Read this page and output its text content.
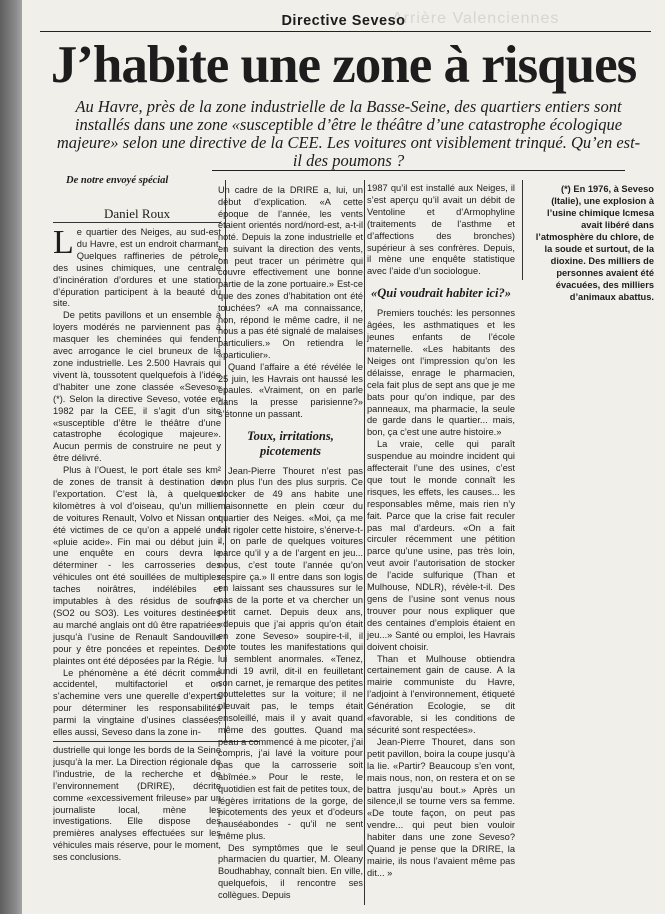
Arrière Valenciennes
Directive Seveso
J’habite une zone à risques
Au Havre, près de la zone industrielle de la Basse-Seine, des quartiers entiers sont installés dans une zone «susceptible d’être le théâtre d’une catastrophe écologique majeure» selon une directive de la CEE. Les voitures ont visiblement trinqué. Qu’en est-il des poumons ?
De notre envoyé spécial
Daniel Roux

Le quartier des Neiges, au sud-est du Havre, est un endroit charmant. Quelques raffineries de pétrole, des usines chimiques, une centrale d’incinération d’ordures et une station d’épuration participent à la beauté du site.

De petits pavillons et un ensemble à loyers modérés ne parviennent pas à masquer les cheminées qui fendent avec arrogance le ciel bruneux de la zone industrielle. Les 2.500 Havrais qui vivent là, toussotent quelquefois à l’idée d’habiter une zone classée «Seveso» (*). Selon la directive Seveso, votée en 1982 par la CEE, il s’agit d’un site «susceptible d’être le théâtre d’une catastrophe écologique majeure». Aucun permis de construire ne peut y être délivré.

Plus à l’Ouest, le port étale ses km² de zones de transit à destination de l’exportation. C’est là, à quelques kilomètres à vol d’oiseau, qu’un millier de voitures Renault, Volvo et Nissan ont été victimes de ce qu’on a appelé une «pluie acide». Fin mai ou début juin - une enquête en cours devra le déterminer - les carrosseries des véhicules ont été souillées de multiples taches noirâtres, indélébiles et imputables à des résidus de soufre (SO2 ou SO3). Les voitures destinées au marché anglais ont dû être rapatriées jusqu’à l’usine de Renault Sandouville pour y être poncées et repeintes. Des plaintes ont été déposées par la Régie.

Le phénomène a été décrit comme accidentel, multifactoriel et on s’achemine vers une querelle d’experts pour déterminer les responsabilités parmi la vingtaine d’usines classées, elles aussi, Seveso dans la zone in-

dustrielle qui longe les bords de la Seine jusqu’à la mer. La Direction régionale de l’industrie, de la recherche et de l’environnement (DRIRE), décrite comme «excessivement frileuse» par un journaliste local, mène les investigations. Elle dispose des premières analyses effectuées sur les véhicules mais réserve, pour le moment, ses conclusions.

Un cadre de la DRIRE a, lui, un début d’explication. «A cette époque de l’année, les vents étaient orientés nord/nord-est, a-t-il noté. Depuis la zone industrielle et en suivant la direction des vents, on peut tracer un périmètre qui couvre effectivement une bonne partie de la zone portuaire.» Est-ce que des zones d’habitation ont été touchées? «A ma connaissance, non, répond le même cadre, il ne nous a pas été signalé de malaises particuliers.» On retiendra le «particulier».

Quand l’affaire a été révélée le 25 juin, les Havrais ont haussé les épaules. «Vraiment, on en parle dans la presse parisienne?» s’étonne un passant.

Toux, irritations, picotements

Jean-Pierre Thouret n’est pas non plus l’un des plus surpris. Ce docker de 49 ans habite une maisonnette en plein cœur du quartier des Neiges. «Moi, ça me fait rigoler cette histoire, s’énerve-t-il, on parle de quelques voitures parce qu’il y a de l’argent en jeu... nous, c’est toute l’année qu’on respire ça.» Il entre dans son logis en laissant ses chaussures sur le pas de la porte et va chercher un petit carnet. Depuis deux ans, «depuis que j’ai appris qu’on était en zone Seveso» soupire-t-il, il note toutes les manifestations qui lui semblent anormales. «Tenez, lundi 19 avril, dit-il en feuilletant son carnet, je remarque des petites gouttelettes sur la voiture; il ne pleuvait pas, le temps était ensoleillé, mais il y avait quand même des gouttes. Quand ma peau a commencé à me picoter, j’ai compris, j’ai lavé la voiture pour pas que la carrosserie soit abîmée.» Pour le reste, le quotidien est fait de petites toux, de légères irritations de la gorge, de picotements des yeux et d’odeurs nauséabondes - qu’il ne sent même plus.

Des symptômes que le seul pharmacien du quartier, M. Oleany Boudhabhay, connaît bien. En ville, quelquefois, il rencontre ses collègues. Depuis

1987 qu’il est installé aux Neiges, il s’est aperçu qu’il avait un débit de Ventoline et d’Armophyline (traitements de l’asthme et d’affections des bronches) supérieur à ses confrères. Depuis, il mène une enquête statistique avec l’aide d’un sociologue.

«Qui voudrait habiter ici?»

Premiers touchés: les personnes âgées, les asthmatiques et les jeunes enfants de l’école maternelle. «Les habitants des Neiges ont l’impression qu’on les délaisse, enrage le pharmacien, cela fait plus de sept ans que je me bats pour qu’on indique, par des panneaux, ma pharmacie, la seule de garde dans le quartier... mais, bon, ça c’est une autre histoire.»

La vraie, celle qui paraît suspendue au moindre incident qui affecterait l’une des usines, c’est que tout le monde connaît les risques, les effets, les causes... les responsables même, mais rien n’y fait. Parce que la crise fait reculer pas mal d’ardeurs. «On a fait circuler récemment une pétition parce qu’une usine, pas très loin, veut avoir l’autorisation de stocker de l’acide sulfurique (Than et Mulhouse, NDLR), révèle-t-il. Des gens de l’usine sont venus nous trouver pour nous expliquer que des centaines d’emplois étaient en jeu...» Santé ou emploi, les Havrais doivent choisir.

Than et Mulhouse obtiendra certainement gain de cause. A la mairie communiste du Havre, l’adjoint à l’environnement, étiqueté Génération Ecologie, se dit «favorable, si les conditions de sécurité sont respectées».

Jean-Pierre Thouret, dans son petit pavillon, boira la coupe jusqu’à la lie. «Partir? Beaucoup s’en vont, mais nous, non, on restera et on se battra jusqu’au bout.» Après un silence,il se tourne vers sa femme. «De toute façon, on peut pas vendre... qui peut bien vouloir habiter dans une zone Seveso? Quand je pense que la DRIRE, la mairie, ils nous l’avaient même pas dit... »

(*) En 1976, à Seveso (Italie), une explosion à l’usine chimique Icmesa avait libéré dans l’atmosphère du chlore, de la soude et surtout, de la dioxine. Des milliers de personnes avaient été évacuées, des milliers d’animaux abattus.
